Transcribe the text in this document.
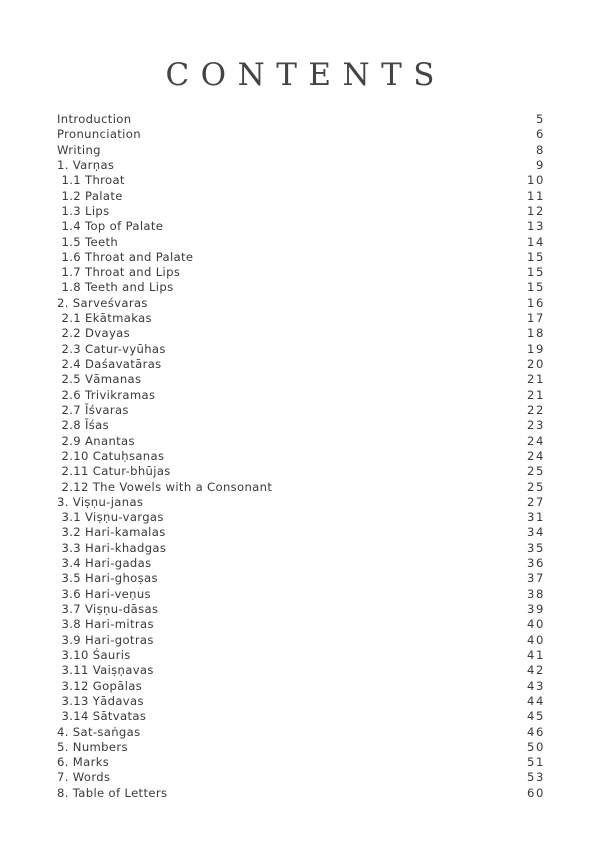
CONTENTS
Introduction	5
Pronunciation	6
Writing	8
1. Varṇas	9
1.1 Throat	10
1.2 Palate	11
1.3 Lips	12
1.4 Top of Palate	13
1.5 Teeth	14
1.6 Throat and Palate	15
1.7 Throat and Lips	15
1.8 Teeth and Lips	15
2. Sarveśvaras	16
2.1 Ekātmakas	17
2.2 Dvayas	18
2.3 Catur-vyūhas	19
2.4 Daśavatāras	20
2.5 Vāmanas	21
2.6 Trivikramas	21
2.7 Īśvaras	22
2.8 Īśas	23
2.9 Anantas	24
2.10 Catuḥsanas	24
2.11 Catur-bhūjas	25
2.12 The Vowels with a Consonant	25
3. Viṣṇu-janas	27
3.1 Viṣṇu-vargas	31
3.2 Hari-kamalas	34
3.3 Hari-khadgas	35
3.4 Hari-gadas	36
3.5 Hari-ghoṣas	37
3.6 Hari-veṇus	38
3.7 Viṣṇu-dāsas	39
3.8 Hari-mitras	40
3.9 Hari-gotras	40
3.10 Śauris	41
3.11 Vaiṣṇavas	42
3.12 Gopālas	43
3.13 Yādavas	44
3.14 Sātvatas	45
4. Sat-saṅgas	46
5. Numbers	50
6. Marks	51
7. Words	53
8. Table of Letters	60
